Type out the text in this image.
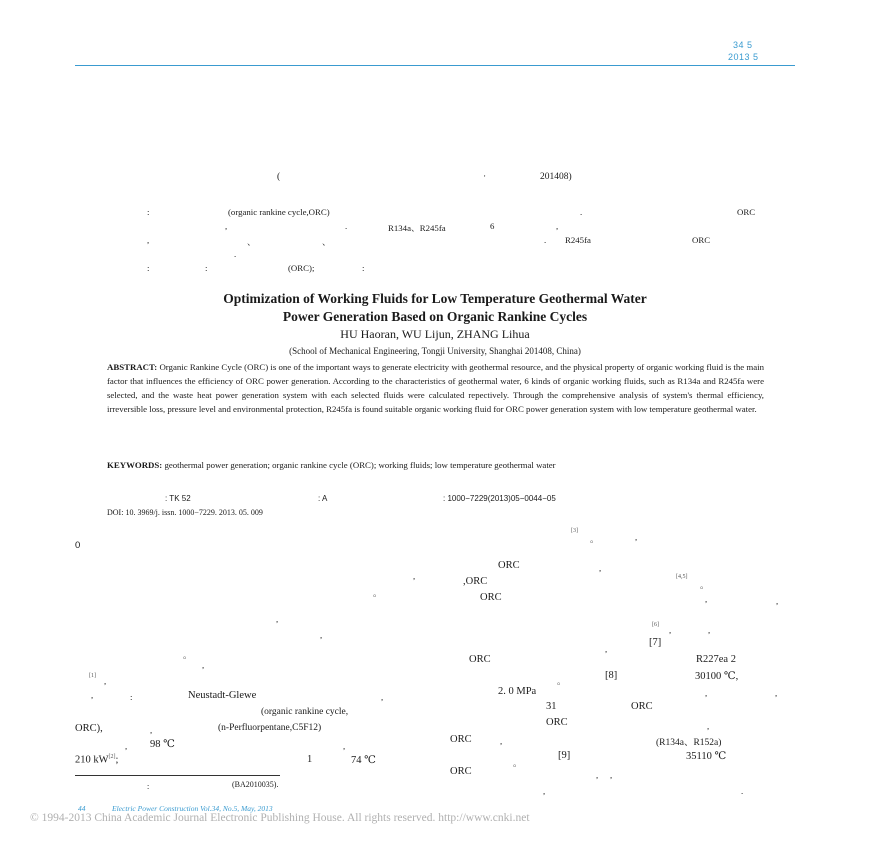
34 5
2013 5
(	·	201408)
:	(organic rankine cycle,ORC)	.	ORC
,	.	R134a、R245fa	6	,
,	、	、	. R245fa	ORC
.
:	:	(ORC);	:
Optimization of Working Fluids for Low Temperature Geothermal Water
Power Generation Based on Organic Rankine Cycles
HU Haoran, WU Lijun, ZHANG Lihua
(School of Mechanical Engineering, Tongji University, Shanghai 201408, China)
ABSTRACT: Organic Rankine Cycle (ORC) is one of the important ways to generate electricity with geothermal resource, and the physical property of organic working fluid is the main factor that influences the efficiency of ORC power generation. According to the characteristics of geothermal water, 6 kinds of organic working fluids, such as R134a and R245fa were selected, and the waste heat power generation system with each selected fluids were calculated repectively. Through the comprehensive analysis of system's thermal efficiency, irreversible loss, pressure level and environmental protection, R245fa is found suitable organic working fluid for ORC power generation system with low temperature geothermal water.
KEYWORDS: geothermal power generation; organic rankine cycle (ORC); working fluids; low temperature geothermal water
: TK 52	: A	: 1000−7229(2013)05−0044−05
DOI: 10. 3969/j. issn. 1000−7229. 2013. 05. 009
0
[3]
。	,
ORC	,
,	,ORC	[4,5]
。
。	ORC	,	,
,
[6] ,	,
,
[7]
。
,
ORC	R227ea 2
[1] ,
,
。	[8]	30100 ℃,
,	:	Neustadt-Glewe	,	2. 0 MPa	,	,
(organic rankine cycle,	31	ORC
ORC),	,	(n-Perfluorpentane,C5F12)	ORC	,
, 98 ℃	,
ORC	,	(R134a、R152a)
210 kW[2];	1	74 ℃	。
[9]	35110 ℃
ORC	, ,
:	(BA2010035).
,	.
44	Electric Power Construction Vol.34, No.5, May, 2013
© 1994-2013 China Academic Journal Electronic Publishing House. All rights reserved. http://www.cnki.net
